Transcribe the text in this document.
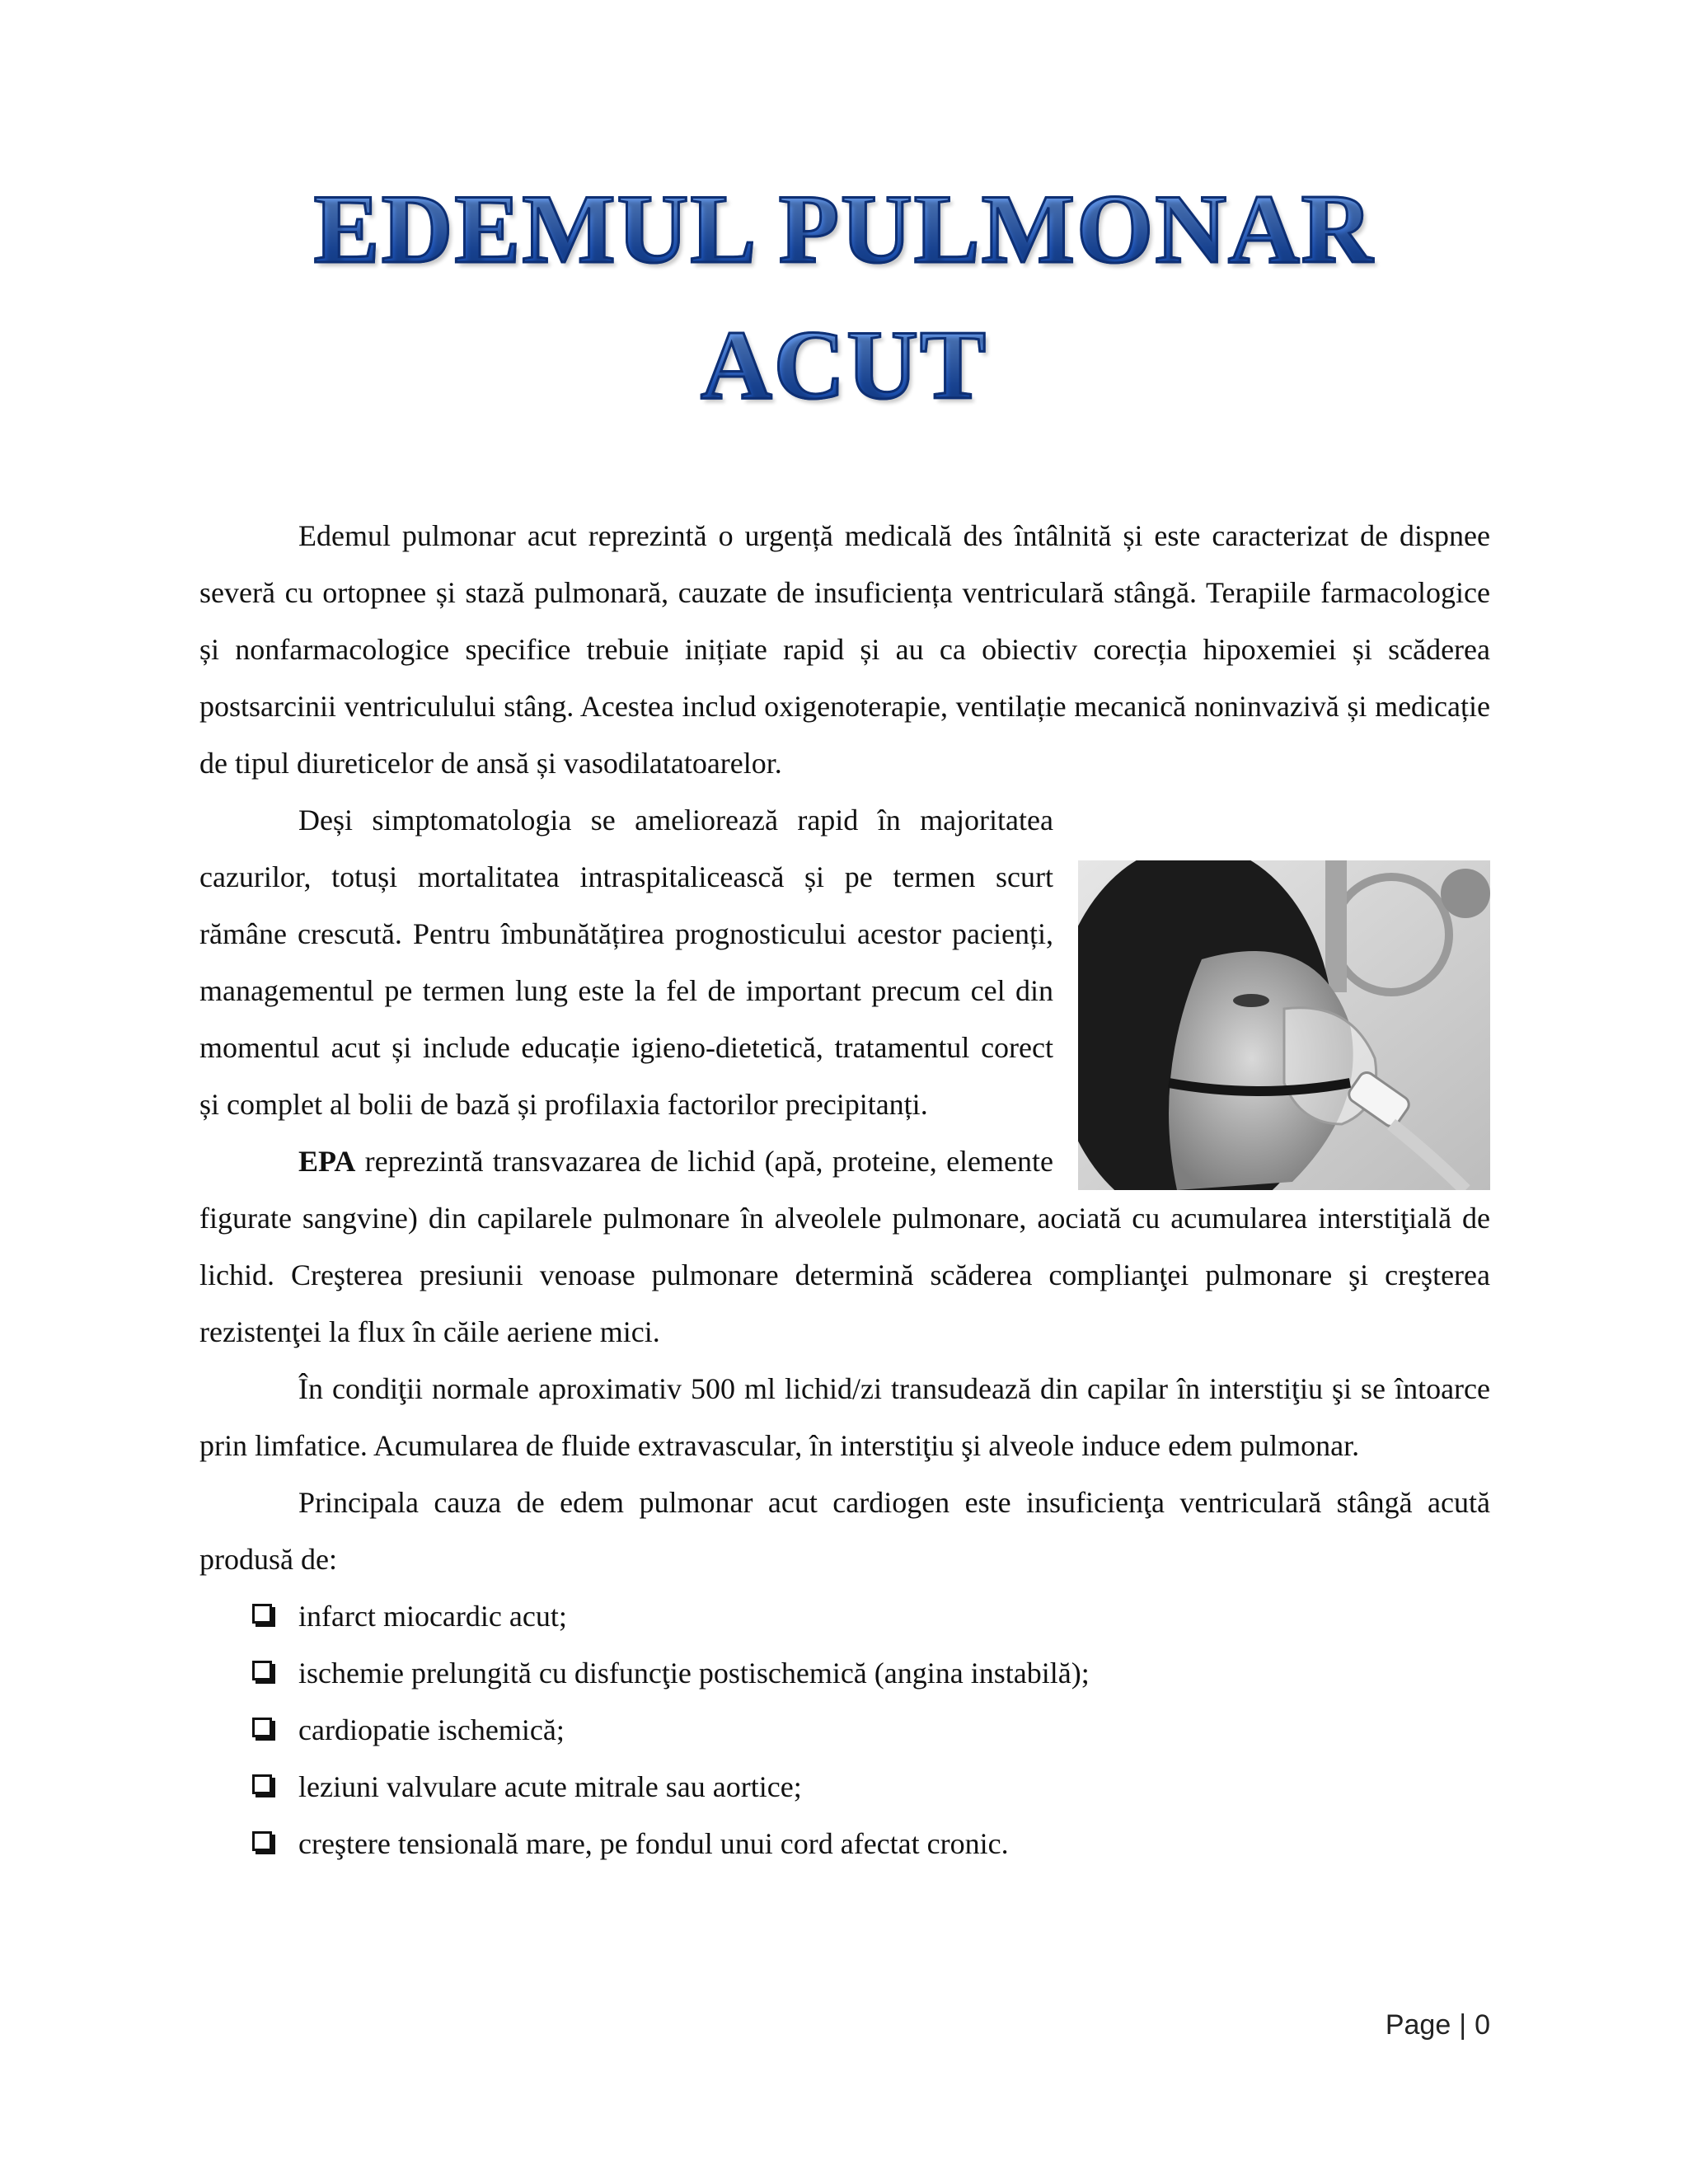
EDEMUL PULMONAR
ACUT

Edemul pulmonar acut reprezintă o urgență medicală des întâlnită și este caracterizat de dispnee severă cu ortopnee și stază pulmonară, cauzate de insuficiența ventriculară stângă. Terapiile farmacologice și nonfarmacologice specifice trebuie inițiate rapid și au ca obiectiv corecția hipoxemiei și scăderea postsarcinii ventriculului stâng. Acestea includ oxigenoterapie, ventilație mecanică noninvazivă și medicație de tipul diureticelor de ansă și vasodilatatoarelor.

Deși simptomatologia se ameliorează rapid în majoritatea cazurilor, totuși mortalitatea intraspitalicească și pe termen scurt rămâne crescută. Pentru îmbunătățirea prognosticului acestor pacienți, managementul pe termen lung este la fel de important precum cel din momentul acut și include educație igieno-dietetică, tratamentul corect și complet al bolii de bază și profilaxia factorilor precipitanți.

EPA reprezintă transvazarea de lichid (apă, proteine, elemente figurate sangvine) din capilarele pulmonare în alveolele pulmonare, aociată cu acumularea interstiţială de lichid. Creşterea presiunii venoase pulmonare determină scăderea complianţei pulmonare şi creşterea rezistenţei la flux în căile aeriene mici.

În condiţii normale aproximativ 500 ml lichid/zi transudează din capilar în interstiţiu şi se întoarce prin limfatice. Acumularea de fluide extravascular, în interstiţiu şi alveole induce edem pulmonar.

Principala cauza de edem pulmonar acut cardiogen este insuficienţa ventriculară stângă acută produsă de:

infarct miocardic acut;
ischemie prelungită cu disfuncţie postischemică (angina instabilă);
cardiopatie ischemică;
leziuni valvulare acute mitrale sau aortice;
creştere tensională mare, pe fondul unui cord afectat cronic.
Page | 0
